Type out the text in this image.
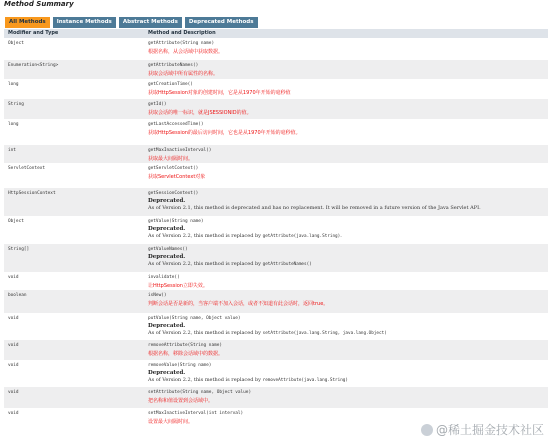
Method Summary
All Methods	Instance Methods	Abstract Methods	Deprecated Methods
Modifier and Type	Method and Description
Object	getAttribute(String name)
根据名称，从会话域中获取数据。
Enumeration<String>	getAttributeNames()
获取会话域中所有属性的名称。
long	getCreationTime()
获取HttpSession对象的创建时间，它是从1970年开始的毫秒值
String	getId()
获取会话的唯一标识，就是JSESSIONID的值。
long	getLastAccessedTime()
获取HttpSession的最后访问时间，它也是从1970年开始的毫秒值。
int	getMaxInactiveInterval()
获取最大间隔时间。
ServletContext	getServletContext()
获取ServletContext对象
HttpSessionContext	getSessionContext()
Deprecated.
As of Version 2.1, this method is deprecated and has no replacement. It will be removed in a future version of the Java Servlet API.
Object	getValue(String name)
Deprecated.
As of Version 2.2, this method is replaced by getAttribute(java.lang.String).
String[]	getValueNames()
Deprecated.
As of Version 2.2, this method is replaced by getAttributeNames()
void	invalidate()
让HttpSession立即失效。
boolean	isNew()
判断会话是否是新的，当客户端不加入会话，或者不知道有此会话时，返回true。
void	putValue(String name, Object value)
Deprecated.
As of Version 2.2, this method is replaced by setAttribute(java.lang.String, java.lang.Object)
void	removeAttribute(String name)
根据名称，移除会话域中的数据。
void	removeValue(String name)
Deprecated.
As of Version 2.2, this method is replaced by removeAttribute(java.lang.String)
void	setAttribute(String name, Object value)
把名称和值设置到会话域中。
void	setMaxInactiveInterval(int interval)
设置最大间隔时间。
@稀土掘金技术社区
